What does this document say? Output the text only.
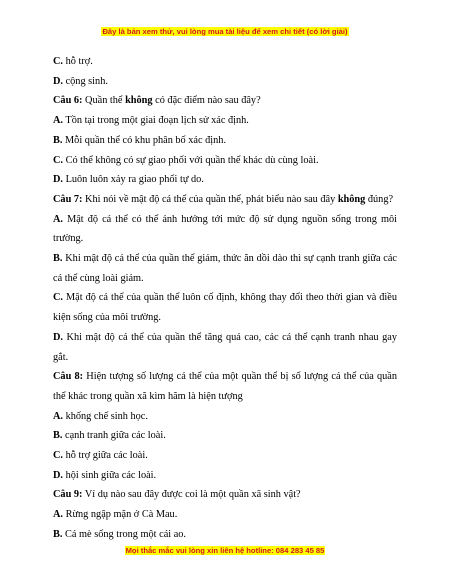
Đây là bản xem thử, vui lòng mua tài liệu để xem chi tiết (có lời giải)

C. hỗ trợ.

D. cộng sinh.

Câu 6: Quần thể không có đặc điểm nào sau đây?

A. Tồn tại trong một giai đoạn lịch sử xác định.

B. Mỗi quần thể có khu phân bố xác định.

C. Có thể không có sự giao phối với quần thể khác dù cùng loài.

D. Luôn luôn xảy ra giao phối tự do.

Câu 7: Khi nói về mật độ cá thể của quần thể, phát biểu nào sau đây không đúng?

A. Mật độ cá thể có thể ảnh hưởng tới mức độ sử dụng nguồn sống trong môi trường.

B. Khi mật độ cá thể của quần thể giảm, thức ăn dồi dào thì sự cạnh tranh giữa các cá thể cùng loài giảm.

C. Mật độ cá thể của quần thể luôn cố định, không thay đổi theo thời gian và điều kiện sống của môi trường.

D. Khi mật độ cá thể của quần thể tăng quá cao, các cá thể cạnh tranh nhau gay gắt.

Câu 8: Hiện tượng số lượng cá thể của một quần thể bị số lượng cá thể của quần thể khác trong quần xã kìm hãm là hiện tượng

A. khống chế sinh học.

B. cạnh tranh giữa các loài.

C. hỗ trợ giữa các loài.

D. hội sinh giữa các loài.

Câu 9: Ví dụ nào sau đây được coi là một quần xã sinh vật?

A. Rừng ngập mặn ở Cà Mau.

B. Cá mè sống trong một cái ao.

Mọi thắc mắc vui lòng xin liên hệ hotline: 084 283 45 85
